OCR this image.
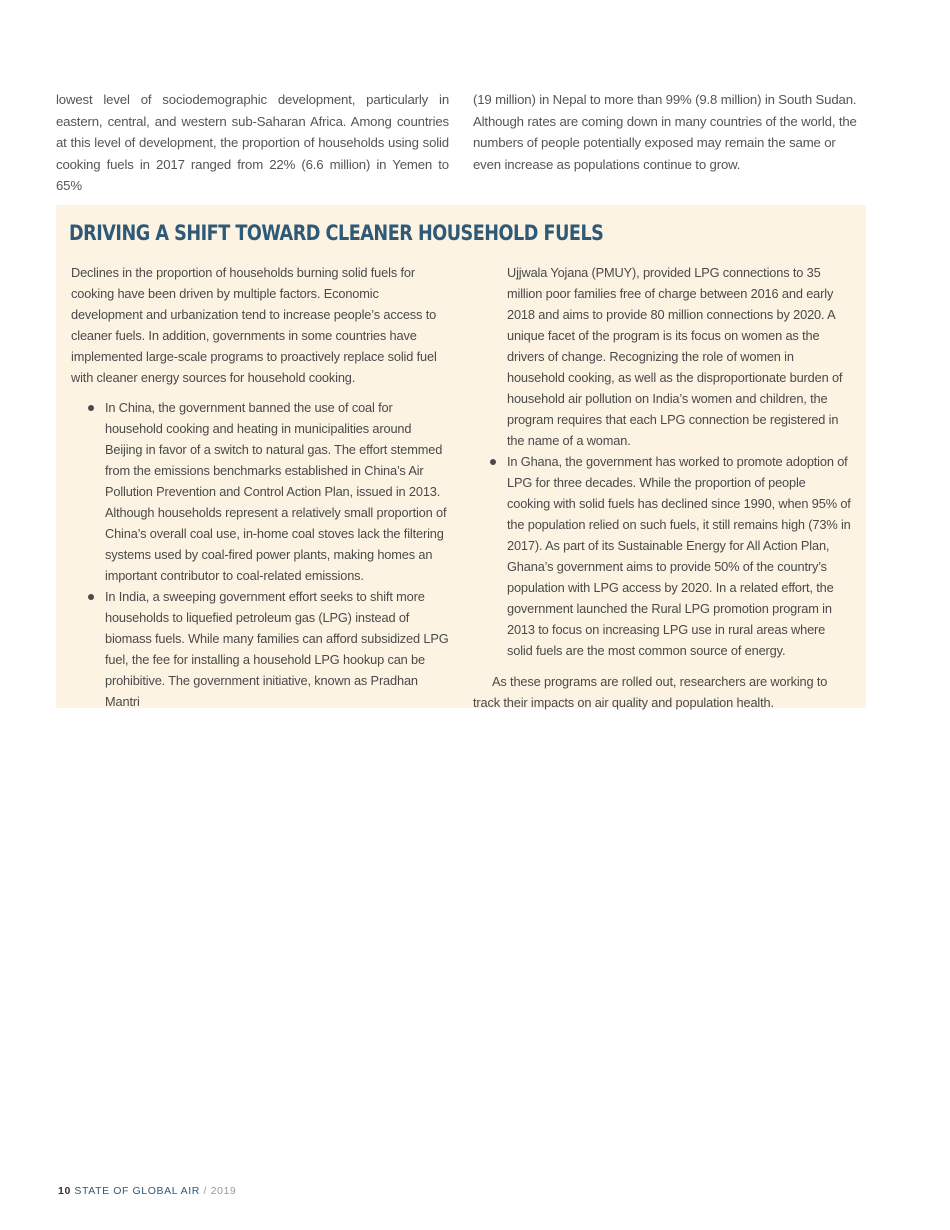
lowest level of sociodemographic development, particularly in eastern, central, and western sub-Saharan Africa. Among countries at this level of development, the proportion of households using solid cooking fuels in 2017 ranged from 22% (6.6 million) in Yemen to 65%

(19 million) in Nepal to more than 99% (9.8 million) in South Sudan. Although rates are coming down in many countries of the world, the numbers of people potentially exposed may remain the same or even increase as populations continue to grow.

DRIVING A SHIFT TOWARD CLEANER HOUSEHOLD FUELS

Declines in the proportion of households burning solid fuels for cooking have been driven by multiple factors. Economic development and urbanization tend to increase people’s access to cleaner fuels. In addition, governments in some countries have implemented large-scale programs to proactively replace solid fuel with cleaner energy sources for household cooking.

In China, the government banned the use of coal for household cooking and heating in municipalities around Beijing in favor of a switch to natural gas. The effort stemmed from the emissions benchmarks established in China’s Air Pollution Prevention and Control Action Plan, issued in 2013. Although households represent a relatively small proportion of China’s overall coal use, in-home coal stoves lack the filtering systems used by coal-fired power plants, making homes an important contributor to coal-related emissions.
In India, a sweeping government effort seeks to shift more households to liquefied petroleum gas (LPG) instead of biomass fuels. While many families can afford subsidized LPG fuel, the fee for installing a household LPG hookup can be prohibitive. The government initiative, known as Pradhan Mantri
Ujjwala Yojana (PMUY), provided LPG connections to 35 million poor families free of charge between 2016 and early 2018 and aims to provide 80 million connections by 2020. A unique facet of the program is its focus on women as the drivers of change. Recognizing the role of women in household cooking, as well as the disproportionate burden of household air pollution on India’s women and children, the program requires that each LPG connection be registered in the name of a woman.
In Ghana, the government has worked to promote adoption of LPG for three decades. While the proportion of people cooking with solid fuels has declined since 1990, when 95% of the population relied on such fuels, it still remains high (73% in 2017). As part of its Sustainable Energy for All Action Plan, Ghana’s government aims to provide 50% of the country’s population with LPG access by 2020. In a related effort, the government launched the Rural LPG promotion program in 2013 to focus on increasing LPG use in rural areas where solid fuels are the most common source of energy.

As these programs are rolled out, researchers are working to track their impacts on air quality and population health.

10 STATE OF GLOBAL AIR / 2019
